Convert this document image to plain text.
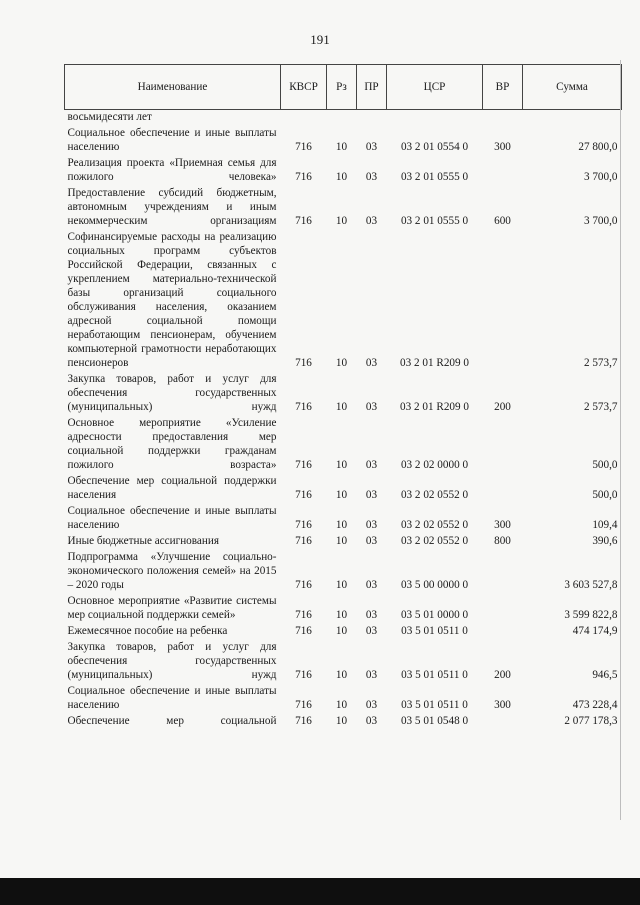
191
Наименование	КВСР	Рз	ПР	ЦСР	ВР	Сумма
восьмидесяти лет						
Социальное обеспечение и иные выплаты населению	716	10	03	03 2 01 0554 0	300	27 800,0
Реализация проекта «Приемная семья для пожилого человека»	716	10	03	03 2 01 0555 0		3 700,0
Предоставление субсидий бюджетным, автономным учреждениям и иным некоммерческим организациям	716	10	03	03 2 01 0555 0	600	3 700,0
Софинансируемые расходы на реализацию социальных программ субъектов Российской Федерации, связанных с укреплением материально-технической базы организаций социального обслуживания населения, оказанием адресной социальной помощи неработающим пенсионерам, обучением компьютерной грамотности неработающих пенсионеров	716	10	03	03 2 01 R209 0		2 573,7
Закупка товаров, работ и услуг для обеспечения государственных (муниципальных) нужд	716	10	03	03 2 01 R209 0	200	2 573,7
Основное мероприятие «Усиление адресности предоставления мер социальной поддержки гражданам пожилого возраста»	716	10	03	03 2 02 0000 0		500,0
Обеспечение мер социальной поддержки населения	716	10	03	03 2 02 0552 0		500,0
Социальное обеспечение и иные выплаты населению	716	10	03	03 2 02 0552 0	300	109,4
Иные бюджетные ассигнования	716	10	03	03 2 02 0552 0	800	390,6
Подпрограмма «Улучшение социально-экономического положения семей» на 2015 – 2020 годы	716	10	03	03 5 00 0000 0		3 603 527,8
Основное мероприятие «Развитие системы мер социальной поддержки семей»	716	10	03	03 5 01 0000 0		3 599 822,8
Ежемесячное пособие на ребенка	716	10	03	03 5 01 0511 0		474 174,9
Закупка товаров, работ и услуг для обеспечения государственных (муниципальных) нужд	716	10	03	03 5 01 0511 0	200	946,5
Социальное обеспечение и иные выплаты населению	716	10	03	03 5 01 0511 0	300	473 228,4
Обеспечение мер социальной	716	10	03	03 5 01 0548 0		2 077 178,3
